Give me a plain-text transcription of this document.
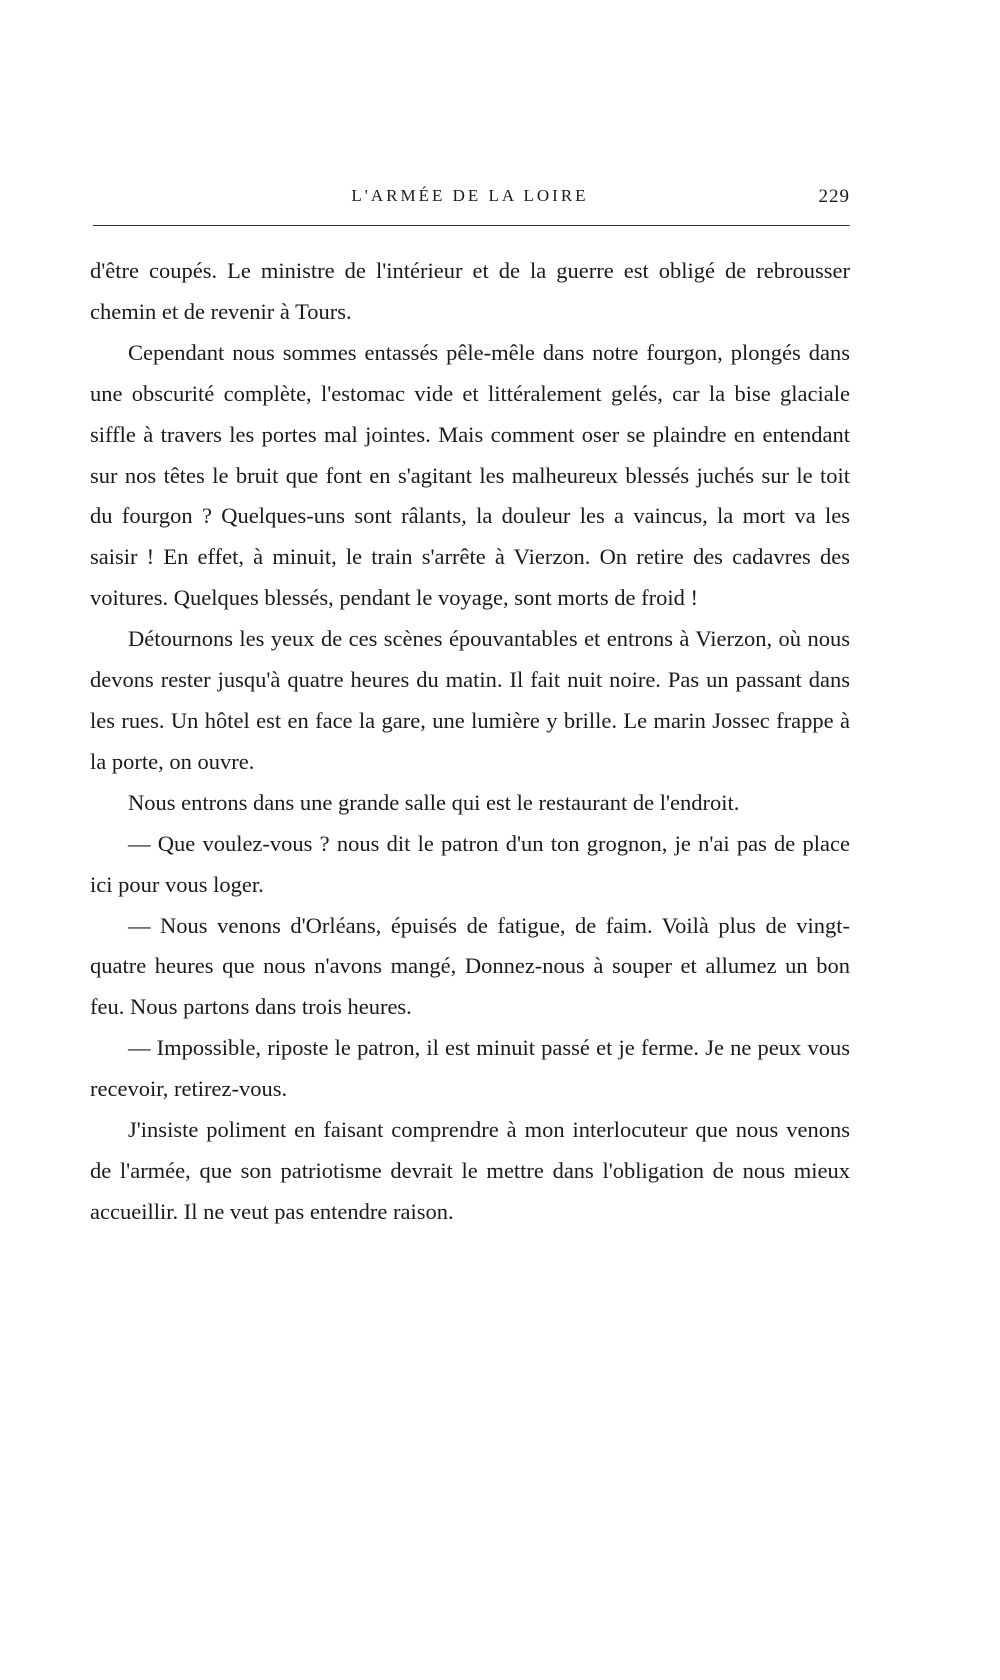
L'ARMÉE DE LA LOIRE	229

d'être coupés. Le ministre de l'intérieur et de la guerre est obligé de rebrousser chemin et de revenir à Tours.

Cependant nous sommes entassés pêle-mêle dans notre fourgon, plongés dans une obscurité complète, l'estomac vide et littéralement gelés, car la bise glaciale siffle à travers les portes mal jointes. Mais comment oser se plaindre en entendant sur nos têtes le bruit que font en s'agitant les malheureux blessés juchés sur le toit du fourgon ? Quelques-uns sont râlants, la douleur les a vaincus, la mort va les saisir ! En effet, à minuit, le train s'arrête à Vierzon. On retire des cadavres des voitures. Quelques blessés, pendant le voyage, sont morts de froid !

Détournons les yeux de ces scènes épouvantables et entrons à Vierzon, où nous devons rester jusqu'à quatre heures du matin. Il fait nuit noire. Pas un passant dans les rues. Un hôtel est en face la gare, une lumière y brille. Le marin Jossec frappe à la porte, on ouvre.

Nous entrons dans une grande salle qui est le restaurant de l'endroit.

— Que voulez-vous ? nous dit le patron d'un ton grognon, je n'ai pas de place ici pour vous loger.

— Nous venons d'Orléans, épuisés de fatigue, de faim. Voilà plus de vingt-quatre heures que nous n'avons mangé, Donnez-nous à souper et allumez un bon feu. Nous partons dans trois heures.

— Impossible, riposte le patron, il est minuit passé et je ferme. Je ne peux vous recevoir, retirez-vous.

J'insiste poliment en faisant comprendre à mon interlocuteur que nous venons de l'armée, que son patriotisme devrait le mettre dans l'obligation de nous mieux accueillir. Il ne veut pas entendre raison.
